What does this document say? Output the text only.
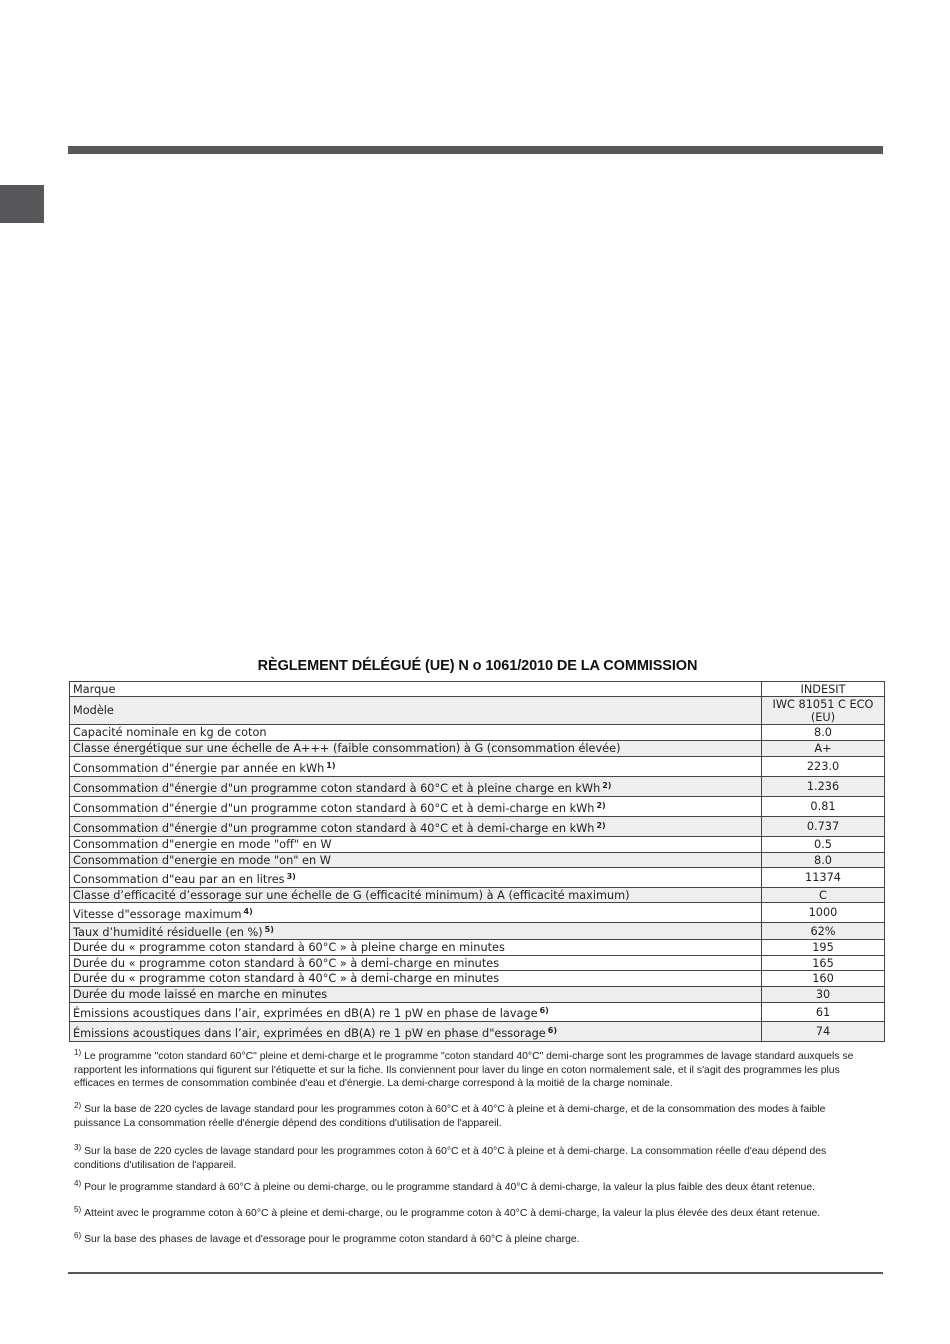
RÈGLEMENT DÉLÉGUÉ (UE) N o 1061/2010 DE LA COMMISSION
Marque	INDESIT
Modèle	IWC 81051 C ECO (EU)
Capacité nominale en kg de coton	8.0
Classe énergétique sur une échelle de A+++ (faible consommation) à G (consommation élevée)	A+
Consommation d"énergie par année en kWh $^{1)}$	223.0
Consommation d"énergie d"un programme coton standard à 60°C et à pleine charge en kWh $^{2)}$	1.236
Consommation d"énergie d"un programme coton standard à 60°C et à demi-charge en kWh $^{2)}$	0.81
Consommation d"énergie d"un programme coton standard à 40°C et à demi-charge en kWh $^{2)}$	0.737
Consommation d"energie en mode "off" en W	0.5
Consommation d"energie en mode "on" en W	8.0
Consommation d"eau par an en litres $^{3)}$	11374
Classe d’efficacité d’essorage sur une échelle de G (efficacité minimum) à A (efficacité maximum)	C
Vitesse d"essorage maximum $^{4)}$	1000
Taux d’humidité résiduelle (en %) $^{5)}$	62%
Durée du « programme coton standard à 60°C » à pleine charge en minutes	195
Durée du « programme coton standard à 60°C » à demi-charge en minutes	165
Durée du « programme coton standard à 40°C » à demi-charge en minutes	160
Durée du mode laissé en marche en minutes	30
Émissions acoustiques dans l’air, exprimées en dB(A) re 1 pW en phase de lavage $^{6)}$	61
Émissions acoustiques dans l’air, exprimées en dB(A) re 1 pW en phase d"essorage $^{6)}$	74

$^{1)}$ Le programme "coton standard 60°C" pleine et demi-charge et le programme "coton standard 40°C" demi-charge sont les programmes de lavage standard auxquels se rapportent les informations qui figurent sur l'étiquette et sur la fiche. Ils conviennent pour laver du linge en coton normalement sale, et il s'agit des programmes les plus efficaces en termes de consommation combinée d'eau et d'énergie. La demi-charge correspond à la moitié de la charge nominale.

$^{2)}$ Sur la base de 220 cycles de lavage standard pour les programmes coton à 60°C et à 40°C à pleine et à demi-charge, et de la consommation des modes à faible puissance La consommation réelle d'énergie dépend des conditions d'utilisation de l'appareil.

$^{3)}$ Sur la base de 220 cycles de lavage standard pour les programmes coton à 60°C et à 40°C à pleine et à demi-charge. La consommation réelle d'eau dépend des conditions d'utilisation de l'appareil.

$^{4)}$ Pour le programme standard à 60°C à pleine ou demi-charge, ou le programme standard à 40°C à demi-charge, la valeur la plus faible des deux étant retenue.

$^{5)}$ Atteint avec le programme coton à 60°C à pleine et demi-charge, ou le programme coton à 40°C à demi-charge, la valeur la plus élevée des deux étant retenue.

$^{6)}$ Sur la base des phases de lavage et d'essorage pour le programme coton standard à 60°C à pleine charge.
